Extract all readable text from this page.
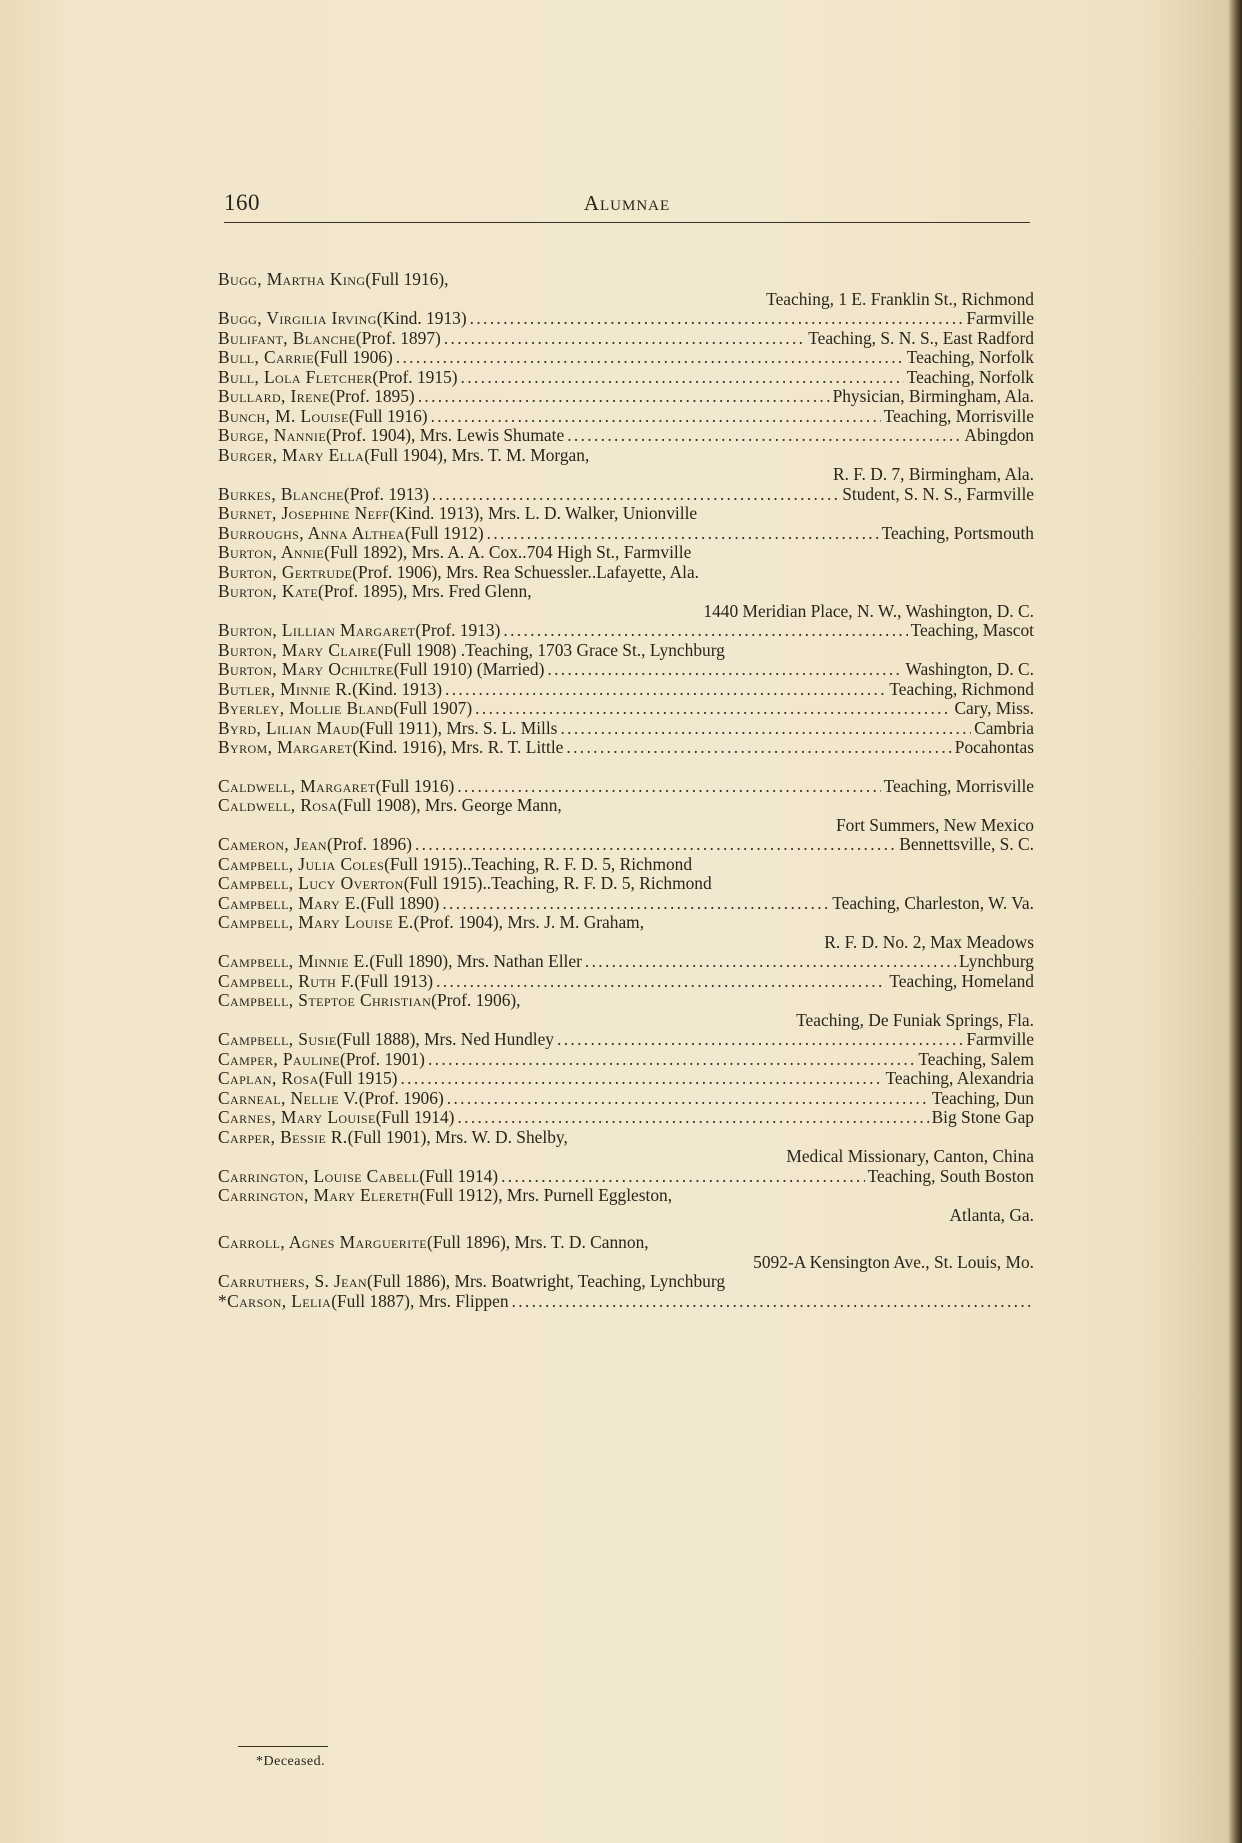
160	Alumnae
Bugg, Martha King (Full 1916),
Teaching, 1 E. Franklin St., Richmond
Bugg, Virgilia Irving (Kind. 1913) . . .	Farmville
Bulifant, Blanche (Prof. 1897) . . .	Teaching, S. N. S., East Radford
Bull, Carrie (Full 1906) . . .	Teaching, Norfolk
Bull, Lola Fletcher (Prof. 1915) . . .	Teaching, Norfolk
Bullard, Irene (Prof. 1895) . . .	Physician, Birmingham, Ala.
Bunch, M. Louise (Full 1916) . . .	Teaching, Morrisville
Burge, Nannie (Prof. 1904), Mrs. Lewis Shumate . . .	Abingdon
Burger, Mary Ella (Full 1904), Mrs. T. M. Morgan,
R. F. D. 7, Birmingham, Ala.
Burkes, Blanche (Prof. 1913) . . .	Student, S. N. S., Farmville
Burnet, Josephine Neff (Kind. 1913), Mrs. L. D. Walker, Unionville
Burroughs, Anna Althea (Full 1912) . . .	Teaching, Portsmouth
Burton, Annie (Full 1892), Mrs. A. A. Cox..704 High St., Farmville
Burton, Gertrude (Prof. 1906), Mrs. Rea Schuessler..Lafayette, Ala.
Burton, Kate (Prof. 1895), Mrs. Fred Glenn,
1440 Meridian Place, N. W., Washington, D. C.
Burton, Lillian Margaret (Prof. 1913) . . .	Teaching, Mascot
Burton, Mary Claire (Full 1908) .Teaching, 1703 Grace St., Lynchburg
Burton, Mary Ochiltre (Full 1910) (Married) . . .	Washington, D. C.
Butler, Minnie R. (Kind. 1913) . . .	Teaching, Richmond
Byerley, Mollie Bland (Full 1907) . . .	Cary, Miss.
Byrd, Lilian Maud (Full 1911), Mrs. S. L. Mills . . .	Cambria
Byrom, Margaret (Kind. 1916), Mrs. R. T. Little . . .	Pocahontas
Caldwell, Margaret (Full 1916) . . .	Teaching, Morrisville
Caldwell, Rosa (Full 1908), Mrs. George Mann,
Fort Summers, New Mexico
Cameron, Jean (Prof. 1896) . . .	Bennettsville, S. C.
Campbell, Julia Coles (Full 1915)..Teaching, R. F. D. 5, Richmond
Campbell, Lucy Overton (Full 1915)..Teaching, R. F. D. 5, Richmond
Campbell, Mary E. (Full 1890) . . .	Teaching, Charleston, W. Va.
Campbell, Mary Louise E. (Prof. 1904), Mrs. J. M. Graham,
R. F. D. No. 2, Max Meadows
Campbell, Minnie E. (Full 1890), Mrs. Nathan Eller . . .	Lynchburg
Campbell, Ruth F. (Full 1913) . . .	Teaching, Homeland
Campbell, Steptoe Christian (Prof. 1906),
Teaching, De Funiak Springs, Fla.
Campbell, Susie (Full 1888), Mrs. Ned Hundley . . .	Farmville
Camper, Pauline (Prof. 1901) . . .	Teaching, Salem
Caplan, Rosa (Full 1915) . . .	Teaching, Alexandria
Carneal, Nellie V. (Prof. 1906) . . .	Teaching, Dun
Carnes, Mary Louise (Full 1914) . . .	Big Stone Gap
Carper, Bessie R. (Full 1901), Mrs. W. D. Shelby,
Medical Missionary, Canton, China
Carrington, Louise Cabell (Full 1914) . . .	Teaching, South Boston
Carrington, Mary Elereth (Full 1912), Mrs. Purnell Eggleston,
Atlanta, Ga.
Carroll, Agnes Marguerite (Full 1896), Mrs. T. D. Cannon,
5092-A Kensington Ave., St. Louis, Mo.
Carruthers, S. Jean (Full 1886), Mrs. Boatwright, Teaching, Lynchburg
*Carson, Lelia (Full 1887), Mrs. Flippen
. . .
*Deceased.
